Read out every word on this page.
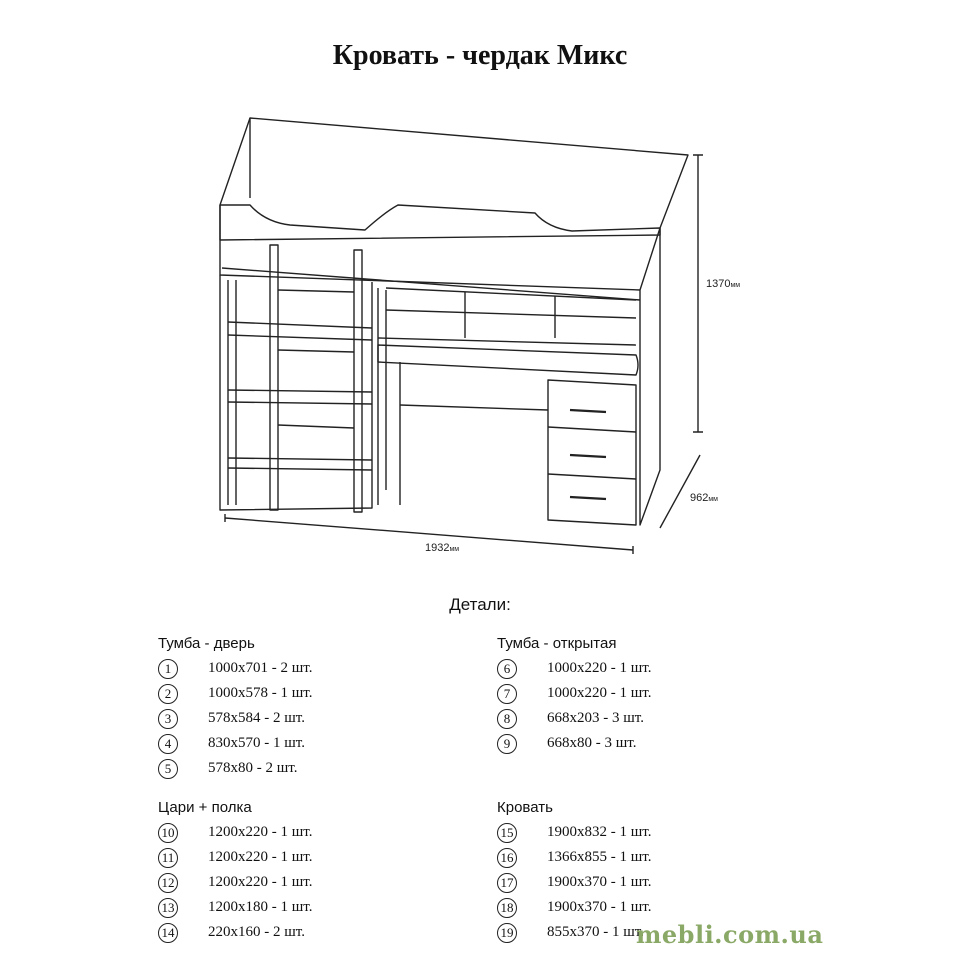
Кровать - чердак Микс
1370мм
962мм
1932мм
Детали:
Тумба - дверь
1	1000х701 - 2 шт.
2	1000х578 - 1 шт.
3	578х584 - 2 шт.
4	830х570 - 1 шт.
5	578х80 - 2 шт.
Тумба - открытая
6	1000х220 - 1 шт.
7	1000х220 - 1 шт.
8	668х203 - 3 шт.
9	668х80 - 3 шт.
Цари + полка
10 1200х220 - 1 шт.
11 1200х220 - 1 шт.
12 1200х220 - 1 шт.
13 1200х180 - 1 шт.
14 220х160 - 2 шт.
Кровать
15 1900х832 - 1 шт.
16 1366х855 - 1 шт.
17 1900х370 - 1 шт.
18 1900х370 - 1 шт.
19 855х370 - 1 шт.
mebli.com.ua
